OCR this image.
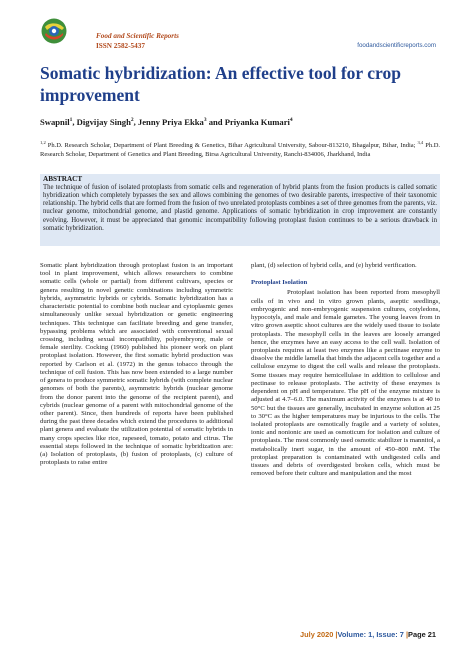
Food and Scientific Reports
ISSN 2582-5437	foodandscientificreports.com
Somatic hybridization: An effective tool for crop improvement
Swapnil$^1$, Digvijay Singh$^2$, Jenny Priya Ekka$^3$ and Priyanka Kumari$^4$
$^{1,2}$ Ph.D. Research Scholar, Department of Plant Breeding & Genetics, Bihar Agricultural University, Sabour-813210, Bhagalpur, Bihar, India; $^{3,4}$ Ph.D. Research Scholar, Department of Genetics and Plant Breeding, Birsa Agricultural University, Ranchi-834006, Jharkhand, India
ABSTRACT
The technique of fusion of isolated protoplasts from somatic cells and regeneration of hybrid plants from the fusion products is called somatic hybridization which completely bypasses the sex and allows combining the genomes of two desirable parents, irrespective of their taxonomic relationship. The hybrid cells that are formed from the fusion of two unrelated protoplasts combines a set of three genomes from the parents, viz. nuclear genome, mitochondrial genome, and plastid genome. Applications of somatic hybridization in crop improvement are constantly evolving. However, it must be appreciated that genomic incompatibility following protoplast fusion continues to be a serious drawback in somatic hybridization.

Somatic plant hybridization through protoplast fusion is an important tool in plant improvement, which allows researchers to combine somatic cells (whole or partial) from different cultivars, species or genera resulting in novel genetic combinations including symmetric hybrids, asymmetric hybrids or cybrids. Somatic hybridization has a characteristic potential to combine both nuclear and cytoplasmic genes simultaneously unlike sexual hybridization or genetic engineering techniques. This technique can facilitate breeding and gene transfer, bypassing problems which are associated with conventional sexual crossing, including sexual incompatibility, polyembryony, male or female sterility. Cocking (1960) published his pioneer work on plant protoplast isolation. However, the first somatic hybrid production was reported by Carlson et al. (1972) in the genus tobacco through the technique of cell fusion. This has now been extended to a large number of genera to produce symmetric somatic hybrids (with complete nuclear genomes of both the parents), asymmetric hybrids (nuclear genome from the donor parent into the genome of the recipient parent), and cybrids (nuclear genome of a parent with mitochondrial genome of the other parent). Since, then hundreds of reports have been published during the past three decades which extend the procedures to additional plant genera and evaluate the utilization potential of somatic hybrids in many crops species like rice, rapeseed, tomato, potato and citrus. The essential steps followed in the technique of somatic hybridization are: (a) Isolation of protoplasts, (b) fusion of protoplasts, (c) culture of protoplasts to raise entire

plant, (d) selection of hybrid cells, and (e) hybrid verification.

Protoplast Isolation

Protoplast isolation has been reported from mesophyll cells of in vivo and in vitro grown plants, aseptic seedlings, embryogenic and non-embryogenic suspension cultures, cotyledons, hypocotyls, and male and female gametes. The young leaves from in vitro grown aseptic shoot cultures are the widely used tissue to isolate protoplasts. The mesophyll cells in the leaves are loosely arranged hence, the enzymes have an easy access to the cell wall. Isolation of protoplasts requires at least two enzymes like a pectinase enzyme to dissolve the middle lamella that binds the adjacent cells together and a cellulose enzyme to digest the cell walls and release the protoplasts. Some tissues may require hemicellulase in addition to cellulose and pectinase to release protoplasts. The activity of these enzymes is dependent on pH and temperature. The pH of the enzyme mixture is adjusted at 4.7–6.0. The maximum activity of the enzymes is at 40 to 50°C but the tissues are generally, incubated in enzyme solution at 25 to 30°C as the higher temperatures may be injurious to the cells. The isolated protoplasts are osmotically fragile and a variety of solutes, ionic and nonionic are used as osmoticum for isolation and culture of protoplasts. The most commonly used osmotic stabilizer is mannitol, a metabolically inert sugar, in the amount of 450–800 mM. The protoplast preparation is contaminated with undigested cells and tissues and debris of overdigested broken cells, which must be removed before their culture and manipulation and the most

July 2020 |Volume: 1, Issue: 7 |Page 21
